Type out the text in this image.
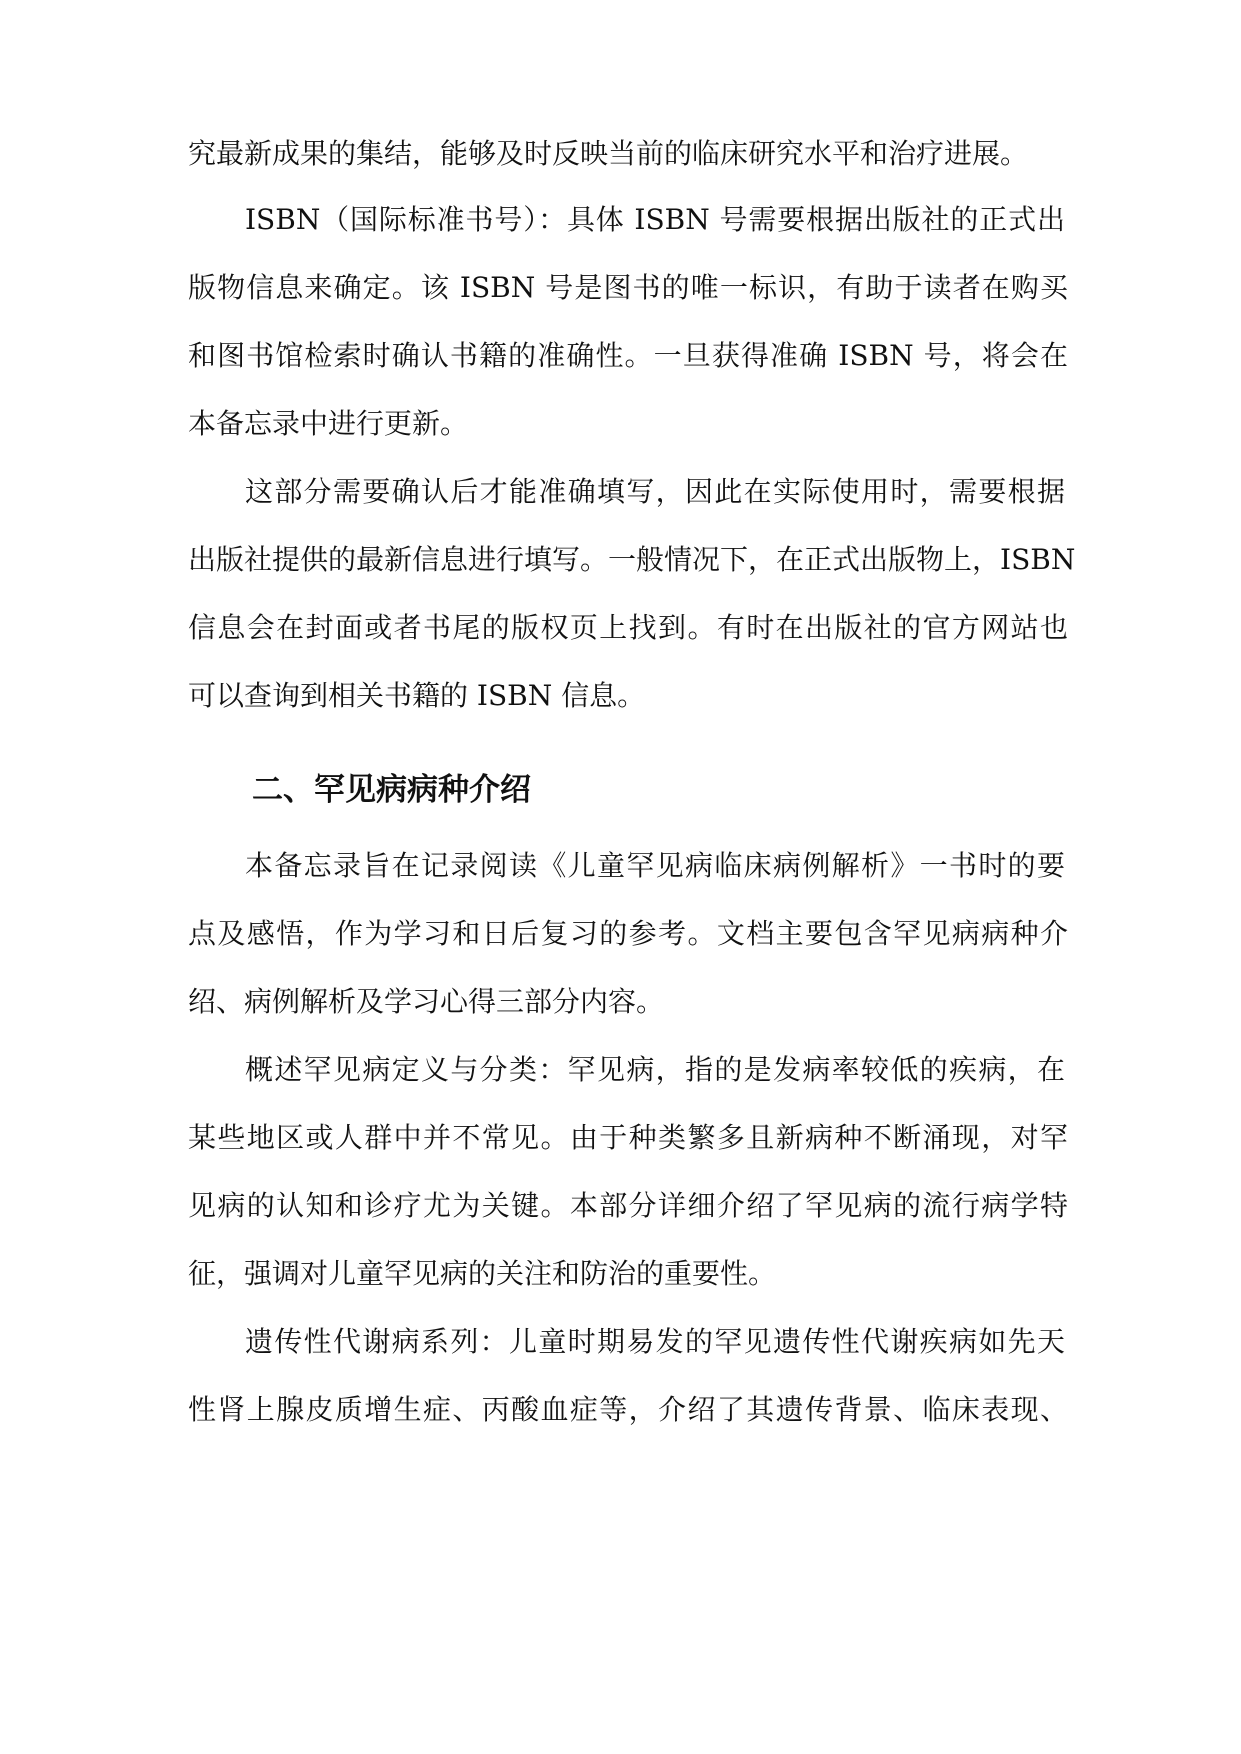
究最新成果的集结，能够及时反映当前的临床研究水平和治疗进展。
ISBN（国际标准书号）：具体 ISBN 号需要根据出版社的正式出
版物信息来确定。该 ISBN 号是图书的唯一标识，有助于读者在购买
和图书馆检索时确认书籍的准确性。一旦获得准确 ISBN 号，将会在
本备忘录中进行更新。
这部分需要确认后才能准确填写，因此在实际使用时，需要根据
出版社提供的最新信息进行填写。一般情况下，在正式出版物上，ISBN
信息会在封面或者书尾的版权页上找到。有时在出版社的官方网站也
可以查询到相关书籍的 ISBN 信息。
二、罕见病病种介绍
本备忘录旨在记录阅读《儿童罕见病临床病例解析》一书时的要
点及感悟，作为学习和日后复习的参考。文档主要包含罕见病病种介
绍、病例解析及学习心得三部分内容。
概述罕见病定义与分类：罕见病，指的是发病率较低的疾病，在
某些地区或人群中并不常见。由于种类繁多且新病种不断涌现，对罕
见病的认知和诊疗尤为关键。本部分详细介绍了罕见病的流行病学特
征，强调对儿童罕见病的关注和防治的重要性。
遗传性代谢病系列：儿童时期易发的罕见遗传性代谢疾病如先天
性肾上腺皮质增生症、丙酸血症等，介绍了其遗传背景、临床表现、
